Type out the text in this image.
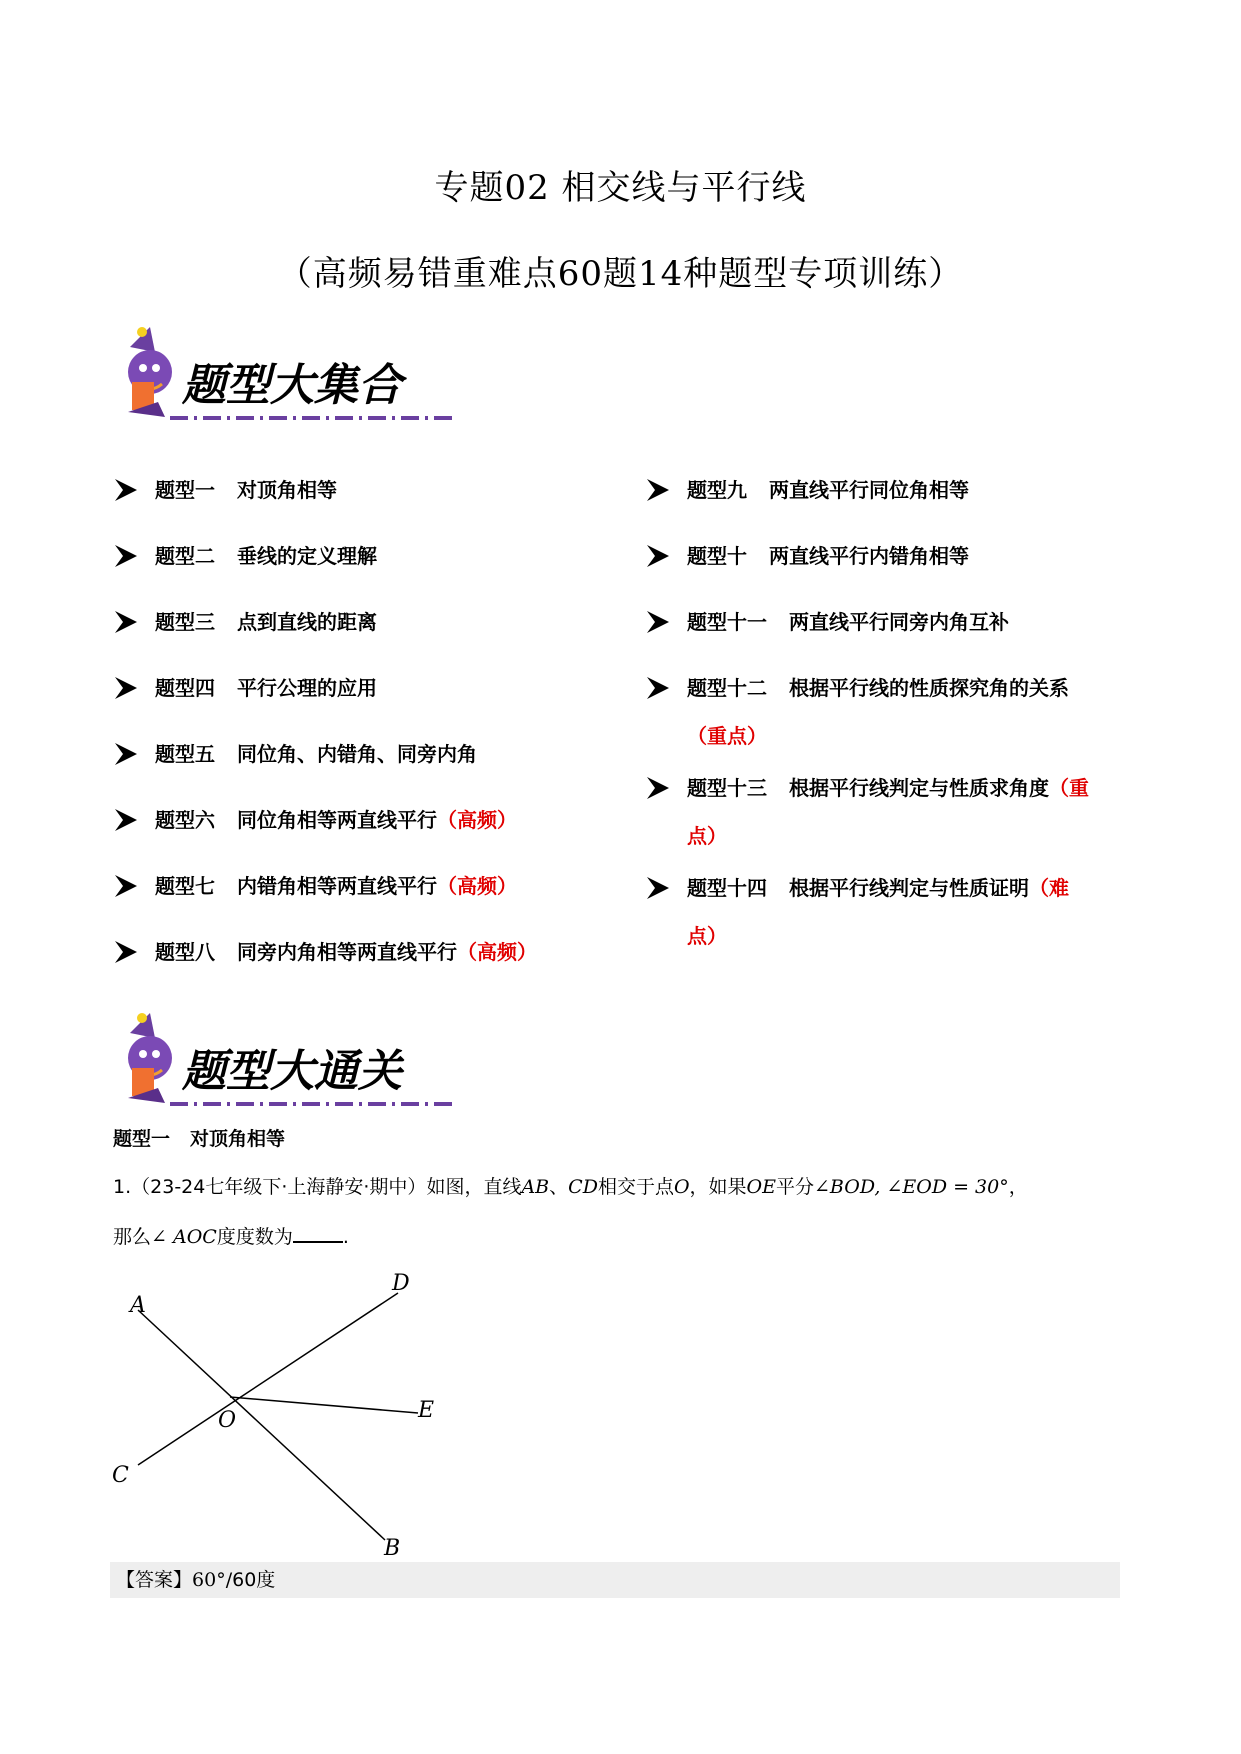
专题02 相交线与平行线
（高频易错重难点60题14种题型专项训练）
题型大集合
题型一 对顶角相等
题型二 垂线的定义理解
题型三 点到直线的距离
题型四 平行公理的应用
题型五 同位角、内错角、同旁内角
题型六 同位角相等两直线平行（高频）
题型七 内错角相等两直线平行（高频）
题型八 同旁内角相等两直线平行（高频）
题型九 两直线平行同位角相等
题型十 两直线平行内错角相等
题型十一 两直线平行同旁内角互补
题型十二 根据平行线的性质探究角的关系
（重点）
题型十三 根据平行线判定与性质求角度（重
点）
题型十四 根据平行线判定与性质证明（难
点）
题型大通关
题型一 对顶角相等
1.（23-24七年级下·上海静安·期中）如图，直线AB、CD相交于点O，如果OE平分∠BOD, ∠EOD = 30°，
那么∠ AOC度度数为	.
A
B
C
D
E
O
【答案】60°/60度
